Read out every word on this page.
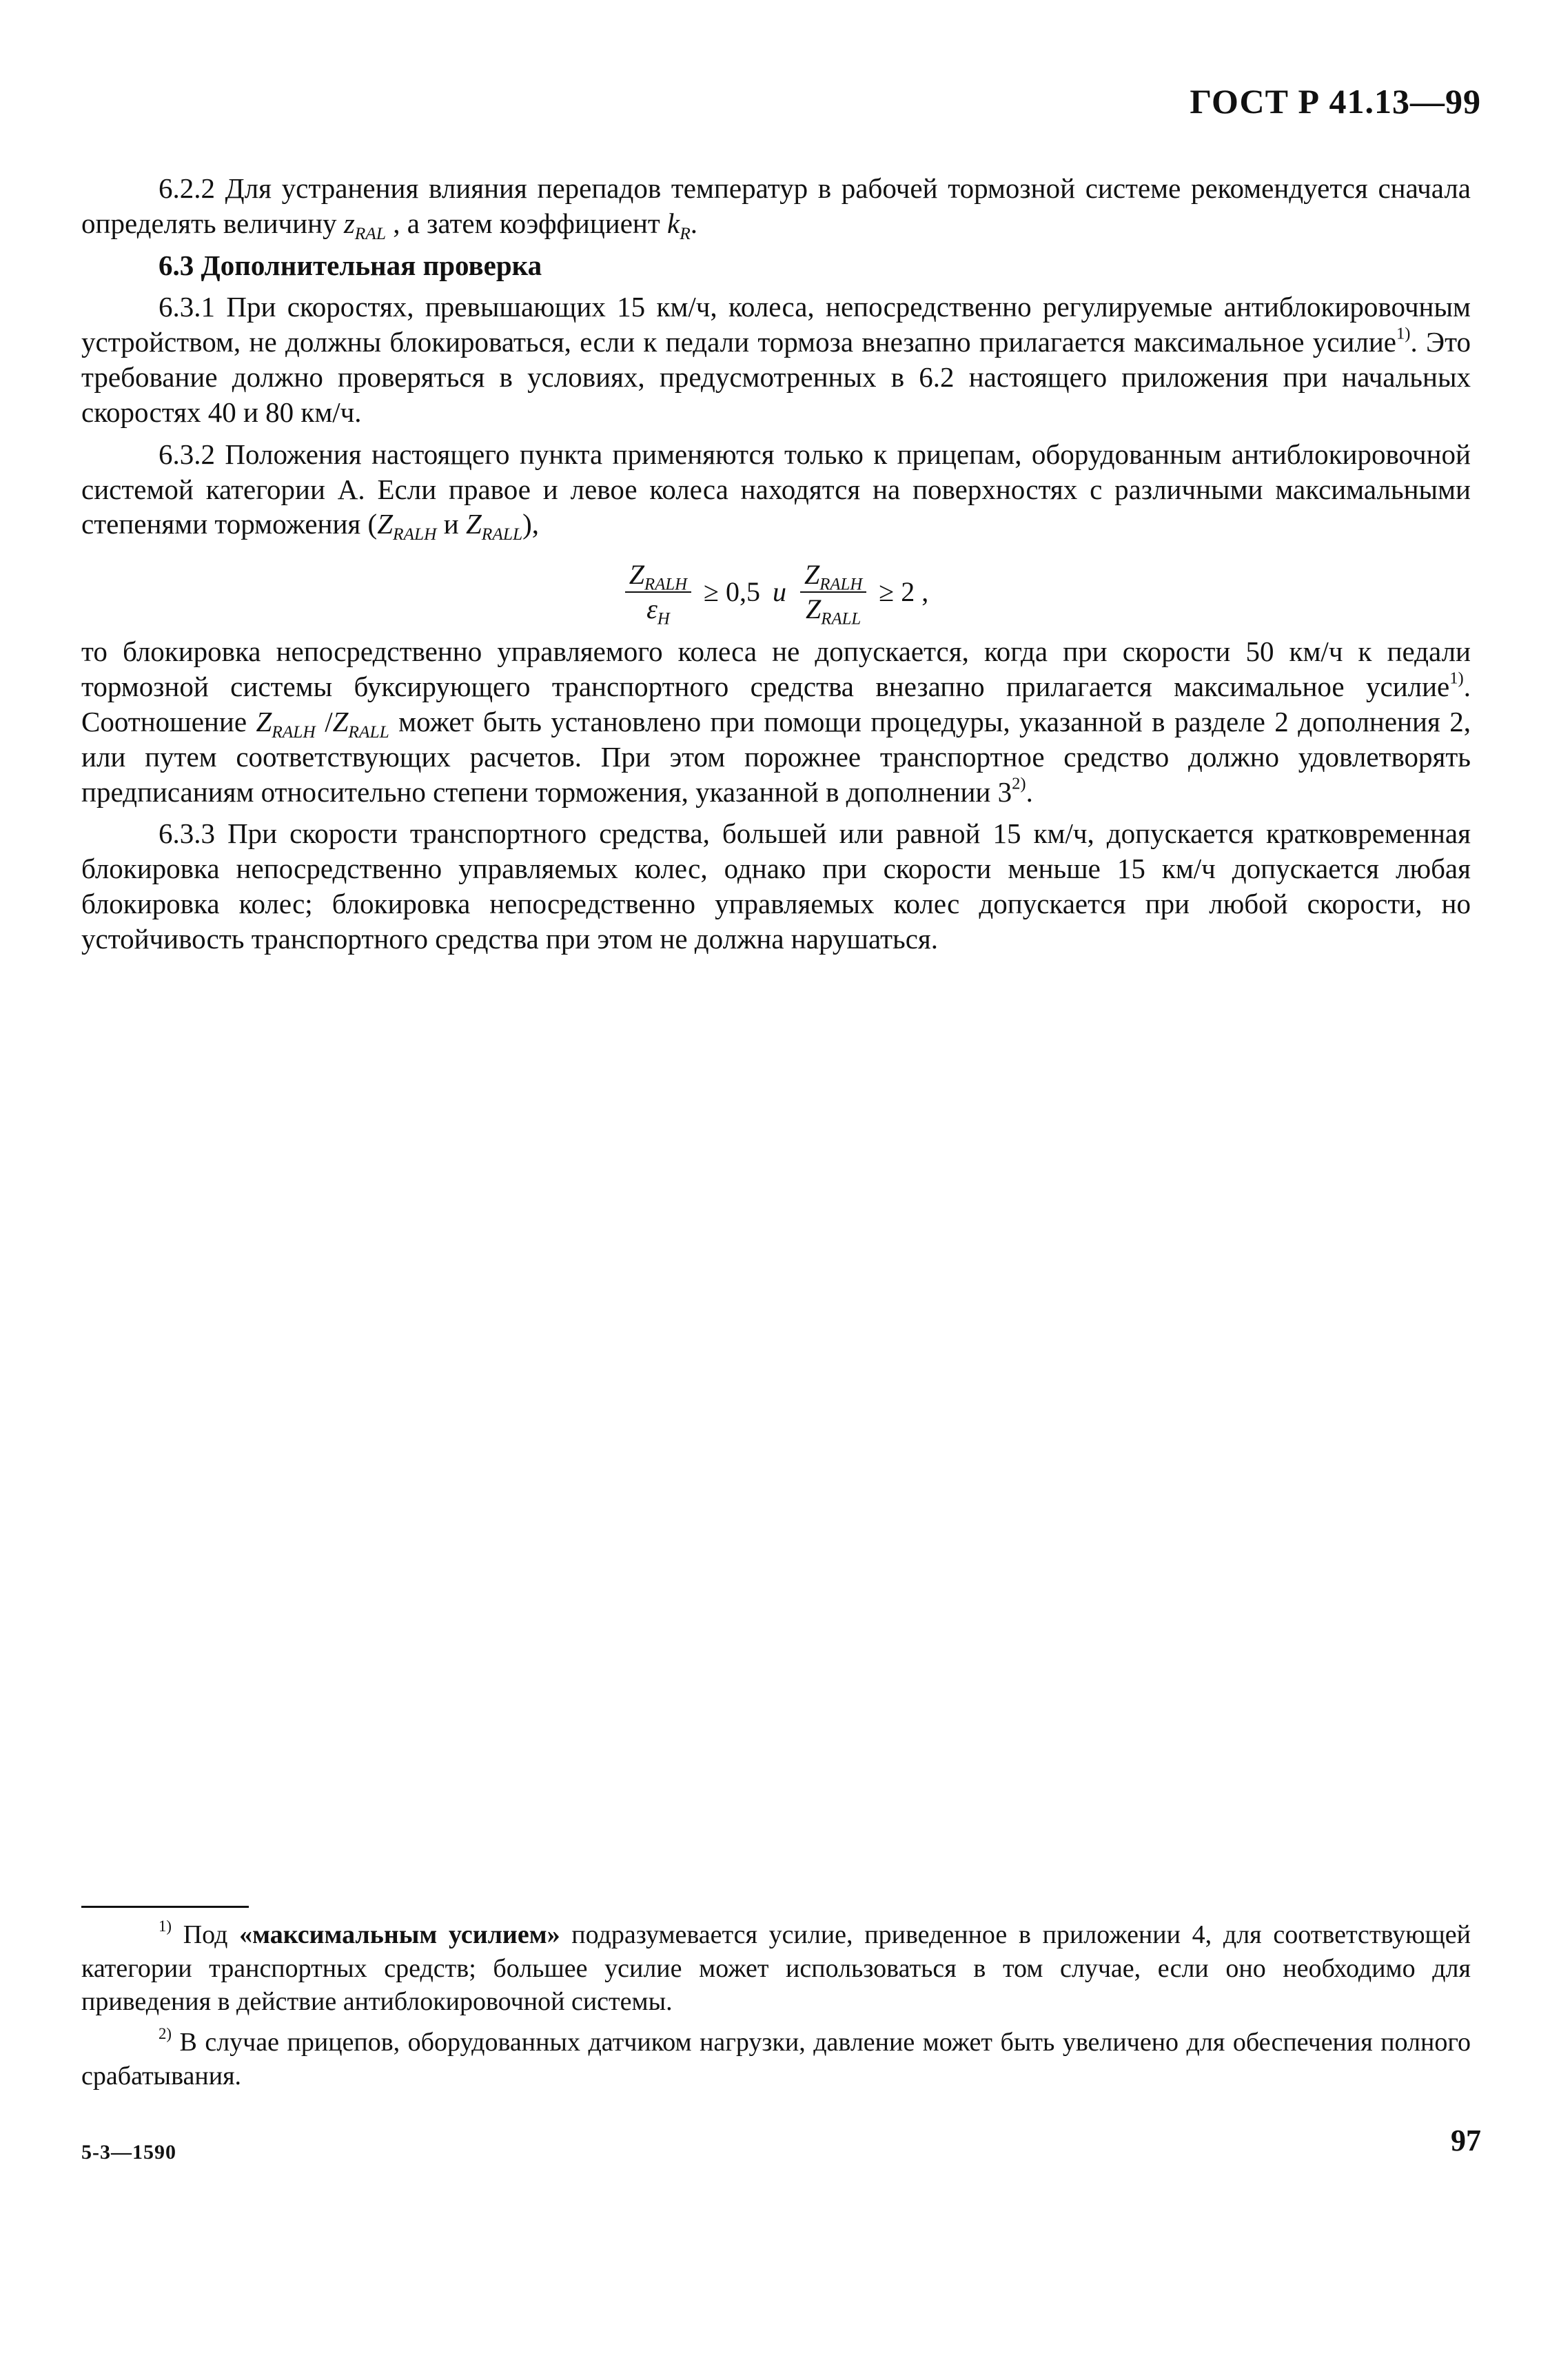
ГОСТ Р 41.13—99

6.2.2 Для устранения влияния перепадов температур в рабочей тормозной системе рекомендуется сначала определять величину $z_{RAL}$ , а затем коэффициент $k_R$.

6.3 Дополнительная проверка

6.3.1 При скоростях, превышающих 15 км/ч, колеса, непосредственно регулируемые антиблокировочным устройством, не должны блокироваться, если к педали тормоза внезапно прилагается максимальное усилие$^{1)}$. Это требование должно проверяться в условиях, предусмотренных в 6.2 настоящего приложения при начальных скоростях 40 и 80 км/ч.

6.3.2 Положения настоящего пункта применяются только к прицепам, оборудованным антиблокировочной системой категории А. Если правое и левое колеса находятся на поверхностях с различными максимальными степенями торможения ($Z_{RALH}$ и $Z_{RALL}$),

$\frac{Z_{RALH}}{\varepsilon_H} \ge 0,5$ и $\frac{Z_{RALH}}{Z_{RALL}} \ge 2$ ,

то блокировка непосредственно управляемого колеса не допускается, когда при скорости 50 км/ч к педали тормозной системы буксирующего транспортного средства внезапно прилагается максимальное усилие$^{1)}$. Соотношение $Z_{RALH}$ $/Z_{RALL}$ может быть установлено при помощи процедуры, указанной в разделе 2 дополнения 2, или путем соответствующих расчетов. При этом порожнее транспортное средство должно удовлетворять предписаниям относительно степени торможения, указанной в дополнении 3$^{2)}$.

6.3.3 При скорости транспортного средства, большей или равной 15 км/ч, допускается кратковременная блокировка непосредственно управляемых колес, однако при скорости меньше 15 км/ч допускается любая блокировка колес; блокировка непосредственно управляемых колес допускается при любой скорости, но устойчивость транспортного средства при этом не должна нарушаться.

$^{1)}$ Под «максимальным усилием» подразумевается усилие, приведенное в приложении 4, для соответствующей категории транспортных средств; большее усилие может использоваться в том случае, если оно необходимо для приведения в действие антиблокировочной системы.

$^{2)}$ В случае прицепов, оборудованных датчиком нагрузки, давление может быть увеличено для обеспечения полного срабатывания.

5-3—1590	97
